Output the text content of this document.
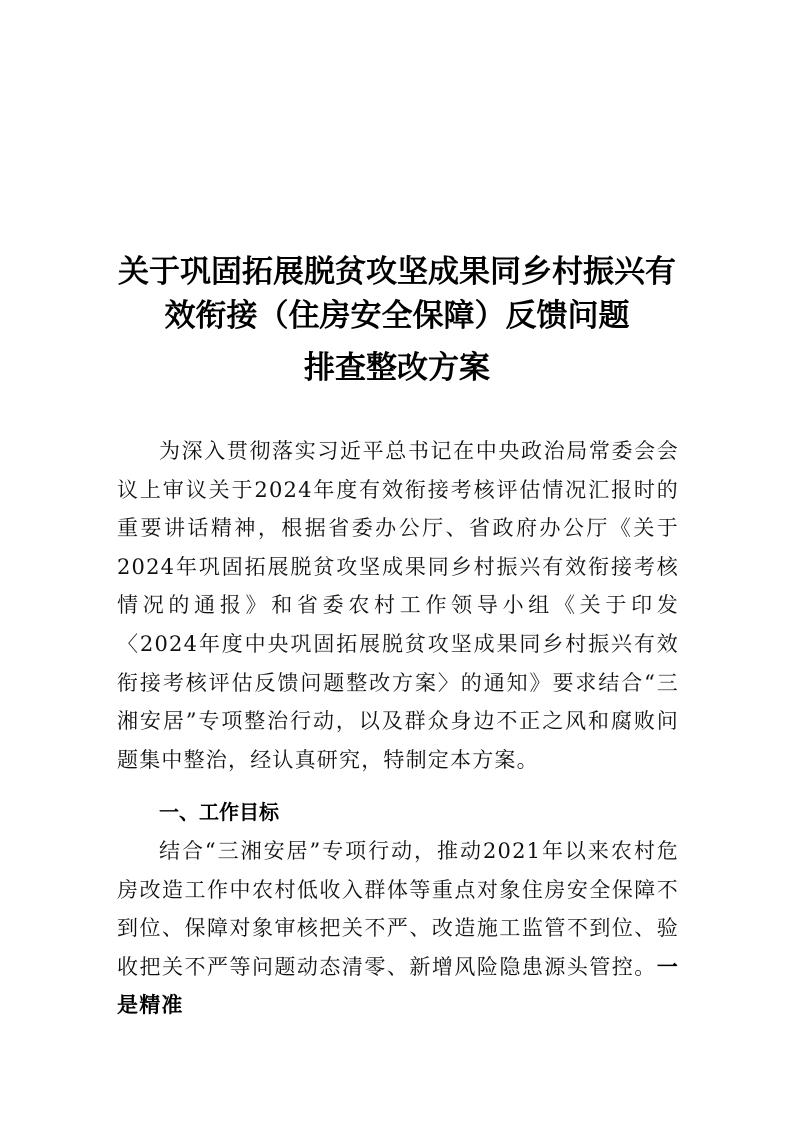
关于巩固拓展脱贫攻坚成果同乡村振兴有
效衔接（住房安全保障）反馈问题
排查整改方案

为深入贯彻落实习近平总书记在中央政治局常委会会议上审议关于2024年度有效衔接考核评估情况汇报时的重要讲话精神，根据省委办公厅、省政府办公厅《关于2024年巩固拓展脱贫攻坚成果同乡村振兴有效衔接考核情况的通报》和省委农村工作领导小组《关于印发〈2024年度中央巩固拓展脱贫攻坚成果同乡村振兴有效衔接考核评估反馈问题整改方案〉的通知》要求结合“三湘安居”专项整治行动，以及群众身边不正之风和腐败问题集中整治，经认真研究，特制定本方案。

一、工作目标

结合“三湘安居”专项行动，推动2021年以来农村危房改造工作中农村低收入群体等重点对象住房安全保障不到位、保障对象审核把关不严、改造施工监管不到位、验收把关不严等问题动态清零、新增风险隐患源头管控。一是精准
